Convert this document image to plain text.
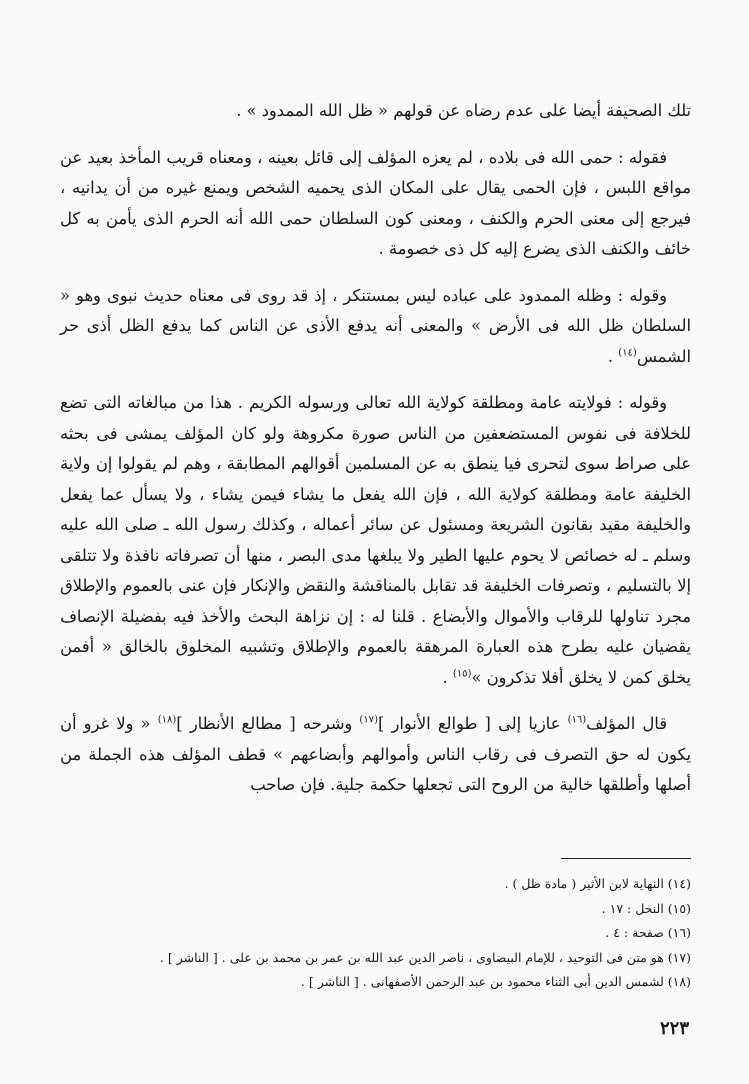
تلك الصحيفة أيضا على عدم رضاه عن قولهم « ظل الله الممدود » .

فقوله : حمى الله فى بلاده ، لم يعزه المؤلف إلى قائل بعينه ، ومعناه قريب المأخذ بعيد عن مواقع اللبس ، فإن الحمى يقال على المكان الذى يحميه الشخص ويمنع غيره من أن يدانيه ، فيرجع إلى معنى الحرم والكنف ، ومعنى كون السلطان حمى الله أنه الحرم الذى يأمن به كل خائف والكنف الذى يضرع إليه كل ذى خصومة .

وقوله : وظله الممدود على عباده ليس بمستنكر ، إذ قد روى فى معناه حديث نبوى وهو « السلطان ظل الله فى الأرض » والمعنى أنه يدفع الأذى عن الناس كما يدفع الظل أذى حر الشمس$^{(١٤)}$ .

وقوله : فولايته عامة ومطلقة كولاية الله تعالى ورسوله الكريم . هذا من مبالغاته التى تضع للخلافة فى نفوس المستضعفين من الناس صورة مكروهة ولو كان المؤلف يمشى فى بحثه على صراط سوى لتحرى فيا ينطق به عن المسلمين أقوالهم المطابقة ، وهم لم يقولوا إن ولاية الخليفة عامة ومطلقة كولاية الله ، فإن الله يفعل ما يشاء فيمن يشاء ، ولا يسأل عما يفعل والخليفة مقيد بقانون الشريعة ومسئول عن سائر أعماله ، وكذلك رسول الله ـ صلى الله عليه وسلم ـ له خصائص لا يحوم عليها الطير ولا يبلغها مدى البصر ، منها أن تصرفاته نافذة ولا تتلقى إلا بالتسليم ، وتصرفات الخليفة قد تقابل بالمناقشة والنقض والإنكار فإن عنى بالعموم والإطلاق مجرد تناولها للرقاب والأموال والأبضاع . قلنا له : إن نزاهة البحث والأخذ فيه بفضيلة الإنصاف يقضيان عليه بطرح هذه العبارة المرهقة بالعموم والإطلاق وتشبيه المخلوق بالخالق « أفمن يخلق كمن لا يخلق أفلا تذكرون »$^{(١٥)}$ .

قال المؤلف$^{(١٦)}$ عازيا إلى [ طوالع الأنوار ]$^{(١٧)}$ وشرحه [ مطالع الأنظار ]$^{(١٨)}$ « ولا غرو أن يكون له حق التصرف فى رقاب الناس وأموالهم وأبضاعهم » قطف المؤلف هذه الجملة من أصلها وأطلقها خالية من الروح التى تجعلها حكمة جلية. فإن صاحب

(١٤) النهاية لابن الأثير ( مادة ظل ) .

(١٥) النحل : ١٧ .

(١٦) صفحة : ٤ .

(١٧) هو متن فى التوحيد ، للإمام البيضاوى ، ناصر الدين عبد الله بن عمر بن محمد بن على . [ الناشر ] .

(١٨) لشمس الدين أبى الثناء محمود بن عبد الرحمن الأصفهانى . [ الناشر ] .

٢٢٣
